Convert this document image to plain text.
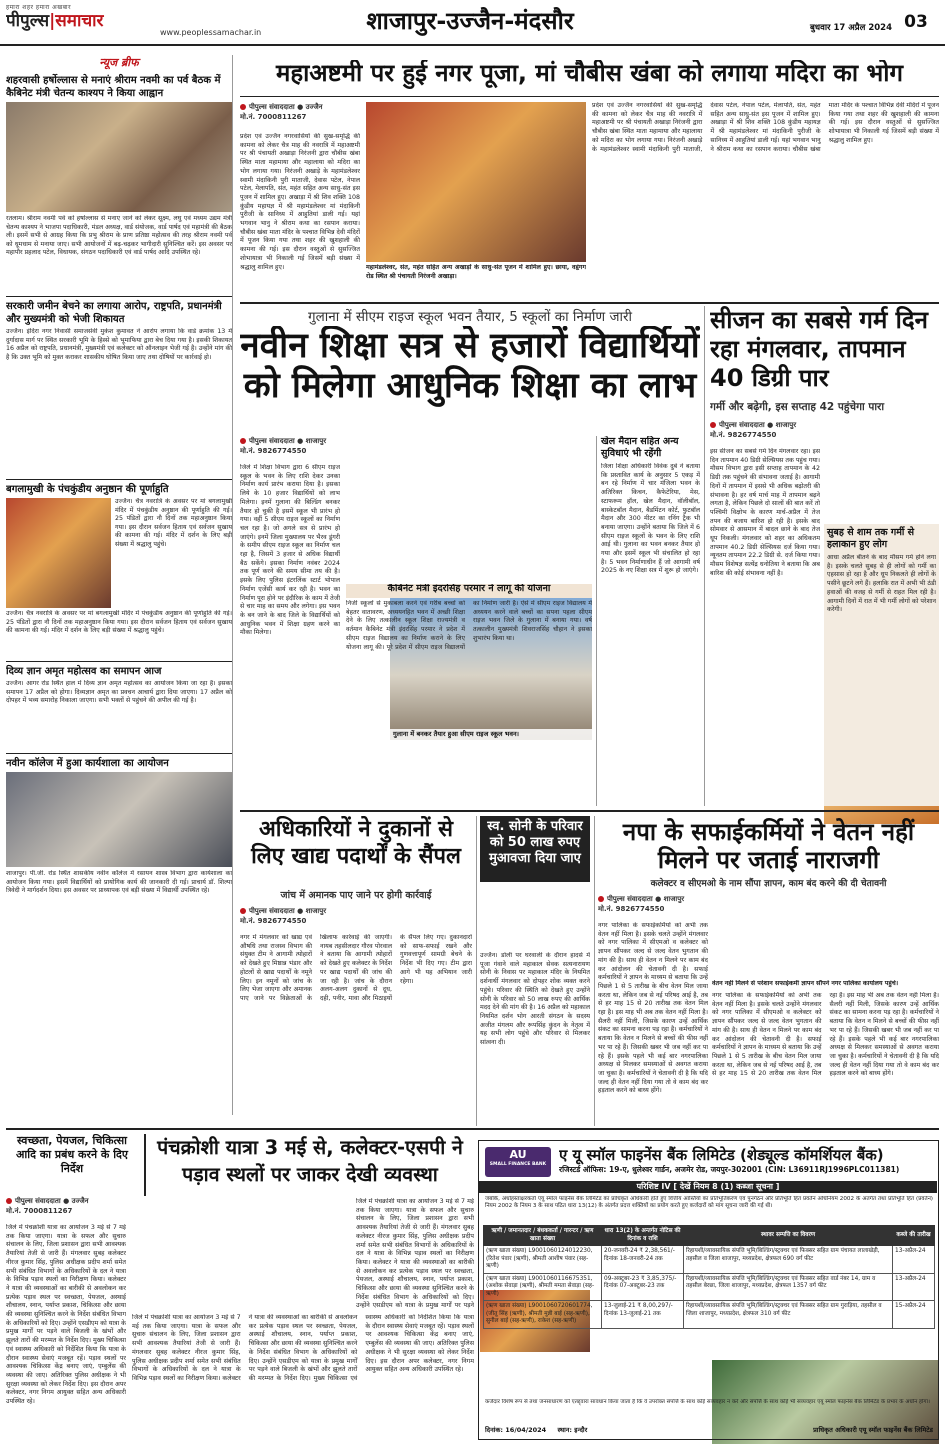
हमारा शहर हमारा अखबार
पीपुल्स|समाचार
www.peoplessamachar.in	शाजापुर-उज्जैन-मंदसौर	बुधवार 17 अप्रैल 2024 03
न्यूज ब्रीफ
शहरवासी हर्षोल्लास से मनाएं श्रीराम नवमी का पर्व बैठक में कैबिनेट मंत्री चेतन्य काश्यप ने किया आह्वान
रतलाम। श्रीराम नवमी पर्व को हर्षोल्लास से मनाए जाने को लेकर सूक्ष्म, लघु एवं मध्यम उद्यम मंत्री चेतन्य काश्यप ने भाजपा पदाधिकारी, मंडल अध्यक्ष, वार्ड संयोजक, वार्ड पार्षद एवं महामंत्री की बैठक ली। इसमें सभी से आग्रह किया कि प्रभु श्रीराम के प्राण प्रतिष्ठा महोत्सव की तरह श्रीराम नवमी पर्व को धूमधाम से मनाया जाए। सभी आयोजनों में बढ़-चढ़कर भागीदारी सुनिश्चित करें। इस अवसर पर महापौर प्रहलाद पटेल, विधायक, संगठन पदाधिकारी एवं वार्ड पार्षद आदि उपस्थित रहे।
सरकारी जमीन बेचने का लगाया आरोप, राष्ट्रपति, प्रधानमंत्री और मुख्यमंत्री को भेजी शिकायत
उज्जैन। इंदिरा नगर निवासी समाजसेवी मुकेश कुमावत ने आरोप लगाया कि वार्ड क्रमांक 13 में दुर्गादास मार्ग पर स्थित सरकारी भूमि के हिस्से को भूमाफिया द्वारा बेच दिया गया है। इसकी शिकायत 16 अप्रैल को राष्ट्रपति, प्रधानमंत्री, मुख्यमंत्री एवं कलेक्टर को ऑनलाइन भेजी गई है। उन्होंने मांग की है कि उक्त भूमि को मुक्त कराकर शासकीय घोषित किया जाए तथा दोषियों पर कार्रवाई हो।
बगलामुखी के पंचकुंडीय अनुष्ठान की पूर्णाहुति
उज्जैन। चैत्र नवरात्रि के अवसर पर मां बगलामुखी मंदिर में पंचकुंडीय अनुष्ठान की पूर्णाहुति की गई। 25 पंडितों द्वारा नौ दिनों तक महाअनुष्ठान किया गया। इस दौरान सर्वजन हिताय एवं सर्वजन सुखाय की कामना की गई। मंदिर में दर्शन के लिए बड़ी संख्या में श्रद्धालु पहुंचे।
उज्जैन। चैत्र नवरात्रि के अवसर पर मां बगलामुखी मंदिर में पंचकुंडीय अनुष्ठान की पूर्णाहुति की गई। 25 पंडितों द्वारा नौ दिनों तक महाअनुष्ठान किया गया। इस दौरान सर्वजन हिताय एवं सर्वजन सुखाय की कामना की गई। मंदिर में दर्शन के लिए बड़ी संख्या में श्रद्धालु पहुंचे।
दिव्य ज्ञान अमृत महोत्सव का समापन आज
उज्जैन। आगर रोड स्थित हाल में दिव्य ज्ञान अमृत महोत्सव का आयोजन किया जा रहा है। इसका समापन 17 अप्रैल को होगा। दिव्यज्ञान अमृत का प्रवचन आचार्य द्वारा दिया जाएगा। 17 अप्रैल को दोपहर में भव्य समारोह निकाला जाएगा। सभी भक्तों से पहुंचने की अपील की गई है।
नवीन कॉलेज में हुआ कार्यशाला का आयोजन
शाजापुर। पी.जी. रोड स्थित शासकीय नवीन कॉलेज में रसायन शास्त्र विभाग द्वारा कार्यशाला का आयोजन किया गया। इसमें विद्यार्थियों को प्रायोगिक कार्य की जानकारी दी गई। प्राचार्य डॉ. शिल्पा त्रिवेदी ने मार्गदर्शन दिया। इस अवसर पर प्राध्यापक एवं बड़ी संख्या में विद्यार्थी उपस्थित रहे।
महाअष्टमी पर हुई नगर पूजा, मां चौबीस खंबा को लगाया मदिरा का भोग
पीपुल्स संवाददाता ● उज्जैन
मो.नं. 7000811267
प्रदेश एवं उज्जैन नगरवासियों की सुख-समृद्धि की कामना को लेकर चैत्र माह की नवरात्रि में महाअष्टमी पर श्री पंचायती अखाड़ा निरंजनी द्वारा चौबीस खंबा स्थित माता महामाया और महालाया को मदिरा का भोग लगाया गया। निरंजनी अखाड़े के महामंडलेश्वर स्वामी मंदाकिनी पुरी माताजी, देवास पटेल, नेपाल पटेल, मेलापति, संत, महंत सहित अन्य साधु-संत इस पूजन में शामिल हुए। अखाड़ा में श्री शिव शक्ति 108 कुंडीय महायज्ञ में श्री महामंडलेश्वर मां मंदाकिनी पुरीजी के सानिध्य में आहुतियां डाली गई। यहां भगवान भानु ने श्रीराम कथा का रसपान कराया। चौबीस खंबा माता मंदिर के पश्चात विभिन्न देवी मंदिरों में पूजन किया गया तथा शहर की खुशहाली की कामना की गई। इस दौरान वस्तुओं से सुसज्जित शोभायात्रा भी निकाली गई जिसमें बड़ी संख्या में श्रद्धालु शामिल हुए।	महामंडलेश्वर, संत, महंत सहित अन्य अखाड़ों के साधु-संत पूजन में शामिल हुए। छाया, वहृंगग रोड स्थित श्री पंचायती निरंजनी अखाड़ा।
प्रदेश एवं उज्जैन नगरवासियों की सुख-समृद्धि की कामना को लेकर चैत्र माह की नवरात्रि में महाअष्टमी पर श्री पंचायती अखाड़ा निरंजनी द्वारा चौबीस खंबा स्थित माता महामाया और महालाया को मदिरा का भोग लगाया गया। निरंजनी अखाड़े के महामंडलेश्वर स्वामी मंदाकिनी पुरी माताजी, देवास पटेल, नेपाल पटेल, मेलापति, संत, महंत सहित अन्य साधु-संत इस पूजन में शामिल हुए। अखाड़ा में श्री शिव शक्ति 108 कुंडीय महायज्ञ में श्री महामंडलेश्वर मां मंदाकिनी पुरीजी के सानिध्य में आहुतियां डाली गई। यहां भगवान भानु ने श्रीराम कथा का रसपान कराया। चौबीस खंबा माता मंदिर के पश्चात विभिन्न देवी मंदिरों में पूजन किया गया तथा शहर की खुशहाली की कामना की गई। इस दौरान वस्तुओं से सुसज्जित शोभायात्रा भी निकाली गई जिसमें बड़ी संख्या में श्रद्धालु शामिल हुए।
गुलाना में सीएम राइज स्कूल भवन तैयार, 5 स्कूलों का निर्माण जारी
नवीन शिक्षा सत्र से हजारों विद्यार्थियों को मिलेगा आधुनिक शिक्षा का लाभ
पीपुल्स संवाददाता ● शाजापुर
मो.नं. 9826774550
जिले में शिक्षा विभाग द्वारा 6 सीएम राइज स्कूल के भवन के लिए राशि देकर उनका निर्माण कार्य प्रारंभ कराया दिया है। इसका लिये के 10 हजार विद्यार्थियों को लाभ मिलेगा। इनमें गुलाना की बिल्डिंग बनकर तैयार हो चुकी है इसमें स्कूल भी प्रारंभ हो गया। वहीं 5 सीएम राइज स्कूलों का निर्माण चल रहा है। जो अगले सत्र से प्रारंभ हो जाएंगे। इनमें जिला मुख्यालय पर भैरव डूंगरी के समीप सीएम राइज स्कूल का निर्माण चल रहा है, जिसमें 3 हजार से अधिक विद्यार्थी बैठ सकेंगे। इसका निर्माण नवंबर 2024 तक पूर्ण करने की समय सीमा तय की है। इसके लिए पुलिस इंटरलिंक स्टार्ट भोपाल निर्माण एजेंसी कार्य कर रही है। भवन का निर्माण पूरा होने पर इंदौरिक के काम में तेजी से चार माह का समय और लगेगा। इस भवन के बन जाने के बाद जिले के विद्यार्थियों को आधुनिक भवन में शिक्षा ग्रहण करने का मौका मिलेगा।
गुलाना में बनकर तैयार हुआ सीएम राइज स्कूल भवन।
कैबिनेट मंत्री इंदरसिंह परमार ने लागू की योजना
निजी स्कूलों से मुकाबला करने एवं गरीब बच्चों को बेहतर वातावरण, अध्ययनहित भवन में अच्छी शिक्षा देने के लिए तत्कालीन स्कूल शिक्षा राज्यमंत्री व वर्तमान कैबिनेट मंत्री इंदरसिंह परमार ने प्रदेश में सीएम राइज विद्यालय का निर्माण कराने के लिए योजना लागू की। पूरे प्रदेश में सीएम राइज विद्यालयों का निर्माण जारी है। ऐसे में सीएम राइज विद्यालय में अध्ययन करने वाले बच्चों का सपना पहला सीएम राइज भवन जिले के गुलाना में बनाया गया। वर्ष तत्कालीन मुख्यमंत्री शिवराजसिंह चौहान ने इसका शुभारंभ किया था।
खेल मैदान सहित अन्य सुविधाएं भी रहेंगी
जिला शिक्षा अधिकारी विवेक दुबे ने बताया कि प्रस्तावित कार्य के अनुसार 5 एकड़ में बन रहे निर्माण में चार मंजिला भवन के अतिरिक्त किचन, कैफेटेरिया, मेस, स्टाफरूम हॉल, खेल मैदान, वॉलीबॉल, बास्केटबॉल मैदान, बैडमिंटन कोर्ट, फुटबॉल मैदान और 300 मीटर का रनिंग ट्रैक भी बनाया जाएगा। उन्होंने बताया कि जिले में 6 सीएम राइज स्कूलों के भवन के लिए राशि आई थी। गुलाना का भवन बनकर तैयार हो गया और इसमें स्कूल भी संचालित हो रहा है। 5 भवन निर्माणाधीन हैं जो आगामी वर्ष 2025 के नए शिक्षा सत्र में शुरू हो जाएंगे।
सीजन का सबसे गर्म दिन रहा मंगलवार, तापमान 40 डिग्री पार
गर्मी और बढ़ेगी, इस सप्ताह 42 पहुंचेगा पारा
पीपुल्स संवाददाता ● शाजापुर
मो.नं. 9826774550
इस सीजन का सबसे गर्म दिन मंगलवार रहा। इस दिन तापमान 40 डिग्री सेल्सियस तक पहुंच गया। मौसम विभाग द्वारा इसी सप्ताह तापमान के 42 डिग्री तक पहुंचने की संभावना जताई है। आगामी दिनों में तापमान में इससे भी अधिक बढ़ोतरी की संभावना है। हर वर्ष मार्च माह में तापमान बढ़ने लगता है, लेकिन पिछले दो सालों की बात करें तो पश्चिमी विक्षोभ के कारण मार्च-अप्रैल में तेज तपन की बजाय बारिश हो रही है। इसके बाद सोमवार से आसमान में बादल छाने के बाद तेज धूप निकली। मंगलवार को शहर का अधिकतम तापमान 40.2 डिग्री सेल्सियस दर्ज किया गया। न्यूनतम तापमान 22.2 डिग्री से. दर्ज किया गया। मौसम विशेषज्ञ सत्येंद्र धनोतिया ने बताया कि अब बारिश की कोई संभावना नहीं है।
सुबह से शाम तक गर्मी से हलाकान हुए लोग
आधा अप्रैल बीतने के बाद मौसम गर्म होने लगा है। इसके चलते सुबह से ही लोगों को गर्मी का एहसास हो रहा है और धूप निकलते ही लोगों के पसीने छूटने लगे हैं। हलाकि रात में अभी भी ठंडी हवाओं की वजह से गर्मी से राहत मिल रही है। आगामी दिनों में रात में भी गर्मी लोगों को परेशान करेगी।
अधिकारियों ने दुकानों से लिए खाद्य पदार्थों के सैंपल
जांच में अमानक पाए जाने पर होगी कार्रवाई
पीपुल्स संवाददाता ● शाजापुर
मो.नं. 9826774550
नगर में मंगलवार को खाद्य एवं औषधि तथा राजस्व विभाग की संयुक्त टीम ने आगामी त्योहारों को देखते हुए मिष्ठान्न भंडार और होटलों से खाद्य पदार्थों के नमूने लिए। इन नमूनों को जांच के लिए भेजा जाएगा और अमानक पाए जाने पर विक्रेताओं के खिलाफ कार्रवाई की जाएगी। नायब तहसीलदार गौरव पोरवाल ने बताया कि आगामी त्योहारों को देखते हुए कलेक्टर के निर्देश पर खाद्य पदार्थों की जांच की जा रही है। जांच के दौरान अलग-अलग दुकानों से दूध, दही, पनीर, मावा और मिठाइयों के सैंपल लिए गए। दुकानदारों को साफ-सफाई रखने और गुणवत्तापूर्ण सामग्री बेचने के निर्देश भी दिए गए। टीम द्वारा आगे भी यह अभियान जारी रहेगा।
स्व. सोनी के परिवार को 50 लाख रुपए मुआवजा दिया जाए
उज्जैन। डोली पर घरवाली के दौरान हादसे में पूजा गंवाने वाले महाकाल सेवक सत्यनारायण सोनी के निवास पर महाकाल मंदिर के नियमित दर्शनार्थी मंगलवार को दोपहर शोक व्यक्त करने पहुंचे। परिवार की स्थिति को देखते हुए उन्होंने सोनी के परिवार को 50 लाख रुपए की आर्थिक मदद देने की मांग की है। 16 अप्रैल को महाकाल नियमित दर्शन भोग आरती संगठन के सदस्य अजीत मंगलम और रूपसिंह कुंदन के नेतृत्व में यह सभी लोग पहुंचे और परिवार से मिलकर सांत्वना दी।
नपा के सफाईकर्मियों ने वेतन नहीं मिलने पर जताई नाराजगी
कलेक्टर व सीएमओ के नाम सौंपा ज्ञापन, काम बंद करने की दी चेतावनी
पीपुल्स संवाददाता ● शाजापुर
मो.नं. 9826774550
नगर पालिका के सफाईकर्मियों को अभी तक वेतन नहीं मिला है। इसके चलते उन्होंने मंगलवार को नगर पालिका में सीएमओ व कलेक्टर को ज्ञापन सौंपकर जल्द से जल्द वेतन भुगतान की मांग की है। साथ ही वेतन न मिलने पर काम बंद कर आंदोलन की चेतावनी दी है। सफाई कर्मचारियों ने ज्ञापन के माध्यम से बताया कि उन्हें पिछले 1 से 5 तारीख के बीच वेतन मिल जाया करता था, लेकिन जब से नई परिषद आई है, तब से हर माह 15 से 20 तारीख तक वेतन मिल रहा है। इस माह भी अब तक वेतन नहीं मिला है। सैलरी नहीं मिली, जिसके कारण उन्हें आर्थिक संकट का सामना करना पड़ रहा है। कर्मचारियों ने बताया कि वेतन न मिलने से बच्चों की फीस नहीं भर पा रहे हैं। जिसकी खबर भी जब नहीं कर पा रहे हैं। इसके पहले भी कई बार नगरपालिका अध्यक्ष से मिलकर समस्याओं से अवगत कराया जा चुका है। कर्मचारियों ने चेतावनी दी है कि यदि जल्द ही वेतन नहीं दिया गया तो वे काम बंद कर हड़ताल करने को बाध्य होंगे।
वेतन नहीं मिलने से परेशान सफाईकर्मी ज्ञापन सौंपने नगर पालिका कार्यालय पहुंचे।
नगर पालिका के सफाईकर्मियों को अभी तक वेतन नहीं मिला है। इसके चलते उन्होंने मंगलवार को नगर पालिका में सीएमओ व कलेक्टर को ज्ञापन सौंपकर जल्द से जल्द वेतन भुगतान की मांग की है। साथ ही वेतन न मिलने पर काम बंद कर आंदोलन की चेतावनी दी है। सफाई कर्मचारियों ने ज्ञापन के माध्यम से बताया कि उन्हें पिछले 1 से 5 तारीख के बीच वेतन मिल जाया करता था, लेकिन जब से नई परिषद आई है, तब से हर माह 15 से 20 तारीख तक वेतन मिल रहा है। इस माह भी अब तक वेतन नहीं मिला है। सैलरी नहीं मिली, जिसके कारण उन्हें आर्थिक संकट का सामना करना पड़ रहा है। कर्मचारियों ने बताया कि वेतन न मिलने से बच्चों की फीस नहीं भर पा रहे हैं। जिसकी खबर भी जब नहीं कर पा रहे हैं। इसके पहले भी कई बार नगरपालिका अध्यक्ष से मिलकर समस्याओं से अवगत कराया जा चुका है। कर्मचारियों ने चेतावनी दी है कि यदि जल्द ही वेतन नहीं दिया गया तो वे काम बंद कर हड़ताल करने को बाध्य होंगे।
स्वच्छता, पेयजल, चिकित्सा आदि का प्रबंध करने के दिए निर्देश
पंचक्रोशी यात्रा 3 मई से, कलेक्टर-एसपी ने पड़ाव स्थलों पर जाकर देखी व्यवस्था
पीपुल्स संवाददाता ● उज्जैन
मो.नं. 7000811267
जिले में पंचक्रोशी यात्रा का आयोजन 3 मई से 7 मई तक किया जाएगा। यात्रा के सफल और सुचारु संचालन के लिए, जिला प्रशासन द्वारा सभी आवश्यक तैयारियां तेजी से जारी हैं। मंगलवार सुबह कलेक्टर नीरज कुमार सिंह, पुलिस अधीक्षक प्रदीप शर्मा समेत सभी संबंधित विभागों के अधिकारियों के दल ने यात्रा के विभिन्न पड़ाव स्थलों का निरीक्षण किया। कलेक्टर ने यात्रा की व्यवस्थाओं का बारीकी से अवलोकन कर प्रत्येक पड़ाव स्थल पर स्वच्छता, पेयजल, अस्थाई शौचालय, स्नान, पर्याप्त प्रकाश, चिकित्सा और छाया की व्यवस्था सुनिश्चित करने के निर्देश संबंधित विभाग के अधिकारियों को दिए। उन्होंने एसडीएम को यात्रा के प्रमुख मार्गों पर पड़ने वाले बिजली के खंभों और झूलते तारों की मरम्मत के निर्देश दिए। मुख्य चिकित्सा एवं स्वास्थ्य अधिकारी को निर्देशित किया कि यात्रा के दौरान स्वास्थ्य सेवाएं मजबूत रहें। पड़ाव स्थलों पर आवश्यक चिकित्सा केंद्र बनाए जाएं, एम्बुलेंस की व्यवस्था की जाए। अतिरिक्त पुलिस अधीक्षक ने भी सुरक्षा व्यवस्था को लेकर निर्देश दिए। इस दौरान अपर कलेक्टर, नगर निगम आयुक्त सहित अन्य अधिकारी उपस्थित रहे।
जिले में पंचक्रोशी यात्रा का आयोजन 3 मई से 7 मई तक किया जाएगा। यात्रा के सफल और सुचारु संचालन के लिए, जिला प्रशासन द्वारा सभी आवश्यक तैयारियां तेजी से जारी हैं। मंगलवार सुबह कलेक्टर नीरज कुमार सिंह, पुलिस अधीक्षक प्रदीप शर्मा समेत सभी संबंधित विभागों के अधिकारियों के दल ने यात्रा के विभिन्न पड़ाव स्थलों का निरीक्षण किया। कलेक्टर ने यात्रा की व्यवस्थाओं का बारीकी से अवलोकन कर प्रत्येक पड़ाव स्थल पर स्वच्छता, पेयजल, अस्थाई शौचालय, स्नान, पर्याप्त प्रकाश, चिकित्सा और छाया की व्यवस्था सुनिश्चित करने के निर्देश संबंधित विभाग के अधिकारियों को दिए। उन्होंने एसडीएम को यात्रा के प्रमुख मार्गों पर पड़ने वाले बिजली के खंभों और झूलते तारों की मरम्मत के निर्देश दिए। मुख्य चिकित्सा एवं स्वास्थ्य अधिकारी को निर्देशित किया कि यात्रा के दौरान स्वास्थ्य सेवाएं मजबूत रहें। पड़ाव स्थलों पर आवश्यक चिकित्सा केंद्र बनाए जाएं, एम्बुलेंस की व्यवस्था की जाए। अतिरिक्त पुलिस अधीक्षक ने भी सुरक्षा व्यवस्था को लेकर निर्देश दिए। इस दौरान अपर कलेक्टर, नगर निगम आयुक्त सहित अन्य अधिकारी उपस्थित रहे।
जिले में पंचक्रोशी यात्रा का आयोजन 3 मई से 7 मई तक किया जाएगा। यात्रा के सफल और सुचारु संचालन के लिए, जिला प्रशासन द्वारा सभी आवश्यक तैयारियां तेजी से जारी हैं। मंगलवार सुबह कलेक्टर नीरज कुमार सिंह, पुलिस अधीक्षक प्रदीप शर्मा समेत सभी संबंधित विभागों के अधिकारियों के दल ने यात्रा के विभिन्न पड़ाव स्थलों का निरीक्षण किया। कलेक्टर ने यात्रा की व्यवस्थाओं का बारीकी से अवलोकन कर प्रत्येक पड़ाव स्थल पर स्वच्छता, पेयजल, अस्थाई शौचालय, स्नान, पर्याप्त प्रकाश, चिकित्सा और छाया की व्यवस्था सुनिश्चित करने के निर्देश संबंधित विभाग के अधिकारियों को दिए। उन्होंने एसडीएम को यात्रा के प्रमुख मार्गों पर पड़ने
AU
SMALL FINANCE BANK
ए यू स्मॉल फाइनेंस बैंक लिमिटेड (शेड्यूल्ड कॉमर्शियल बैंक)
रजिस्टर्ड ऑफिस: 19-ए, धुलेश्वर गार्डन, अजमेर रोड, जयपुर-302001 (CIN: L36911RJ1996PLC011381)
परिशिष्ट IV [ देखें नियम 8 (1) कब्जा सूचना ]
जबकि, अधोहस्ताक्षरकर्ता एयू स्मॉल फाइनेंस बैंक लिमिटेड का प्राधिकृत अधिकारी होते हुए वित्तीय आस्तियों का प्रतिभूतिकरण एवं पुनर्गठन और प्रतिभूति हित प्रवर्तन अधिनियम 2002 के अंतर्गत तथा प्रतिभूति हित (प्रवर्तन) नियम 2002 के नियम 3 के साथ पठित धारा 13(12) के अंतर्गत प्रदत्त शक्तियों का प्रयोग करते हुए कर्जदारों को मांग सूचना जारी की गई थी।
ऋणी / जमानतदार / बंधककर्ता / गारन्टर / ऋण खाता संख्या	धारा 13(2) के अन्तर्गत नोटिस की दिनांक व राशि	स्थावर सम्पत्ति का विवरण	कब्जे की तारीख
(ऋण खाता संख्या) L9001060124012230, (रितेश पंवार (ऋणी), श्रीमती आशीष पंवार (सह-ऋणी)	20-जनवरी-24 ₹ 2,38,561/- दिनांक 18-जनवरी-24 तक	रिहायशी/व्यावसायिक संपत्ति भूमि/बिल्डिंग/स्ट्रक्चर एवं फिक्सर सहित ग्राम पंचायत लालाखेड़ी, तहसील व जिला शाजापुर, मध्यप्रदेश, क्षेत्रफल 690 वर्ग फीट	13-अप्रैल-24
(ऋण खाता संख्या) L9001060116675351, (अशोक सेवाड़ा (ऋणी), श्रीमती ममता सेवाड़ा (सह-ऋणी)	09-अक्टूबर-23 ₹ 3,85,375/- दिनांक 07-अक्टूबर-23 तक	रिहायशी/व्यावसायिक संपत्ति भूमि/बिल्डिंग/स्ट्रक्चर एवं फिक्सर सहित वार्ड नंबर 14, ग्राम व तहसील बेरछा, जिला शाजापुर, मध्यप्रदेश, क्षेत्रफल 1357 वर्ग फीट	13-अप्रैल-24
(ऋण खाता संख्या) L9001060720601774, (जीतू सिंह (ऋणी), श्रीमती मुन्नी बाई (सह-ऋणी), सुनील बाई (सह-ऋणी), राकेश (सह-ऋणी)	13-जुलाई-21 ₹ 8,00,297/- दिनांक 13-जुलाई-21 तक	रिहायशी/व्यावसायिक संपत्ति भूमि/बिल्डिंग/स्ट्रक्चर एवं फिक्सर सहित ग्राम गुराड़िया, तहसील व जिला शाजापुर, मध्यप्रदेश, क्षेत्रफल 310 वर्ग फीट	15-अप्रैल-24
कर्जदार विशेष रूप से तथा जनसाधारण को एतद्द्वारा सावधान किया जाता है कि वे उपरोक्त संपत्ति के साथ कोई संव्यवहार न करें और संपत्ति के साथ कोई भी संव्यवहार एयू स्मॉल फाइनेंस बैंक लिमिटेड के प्रभार के अधीन होगा।
दिनांक: 16/04/2024 स्थान: इन्दौर	प्राधिकृत अधिकारी एयू स्मॉल फाइनेंस बैंक लिमिटेड
